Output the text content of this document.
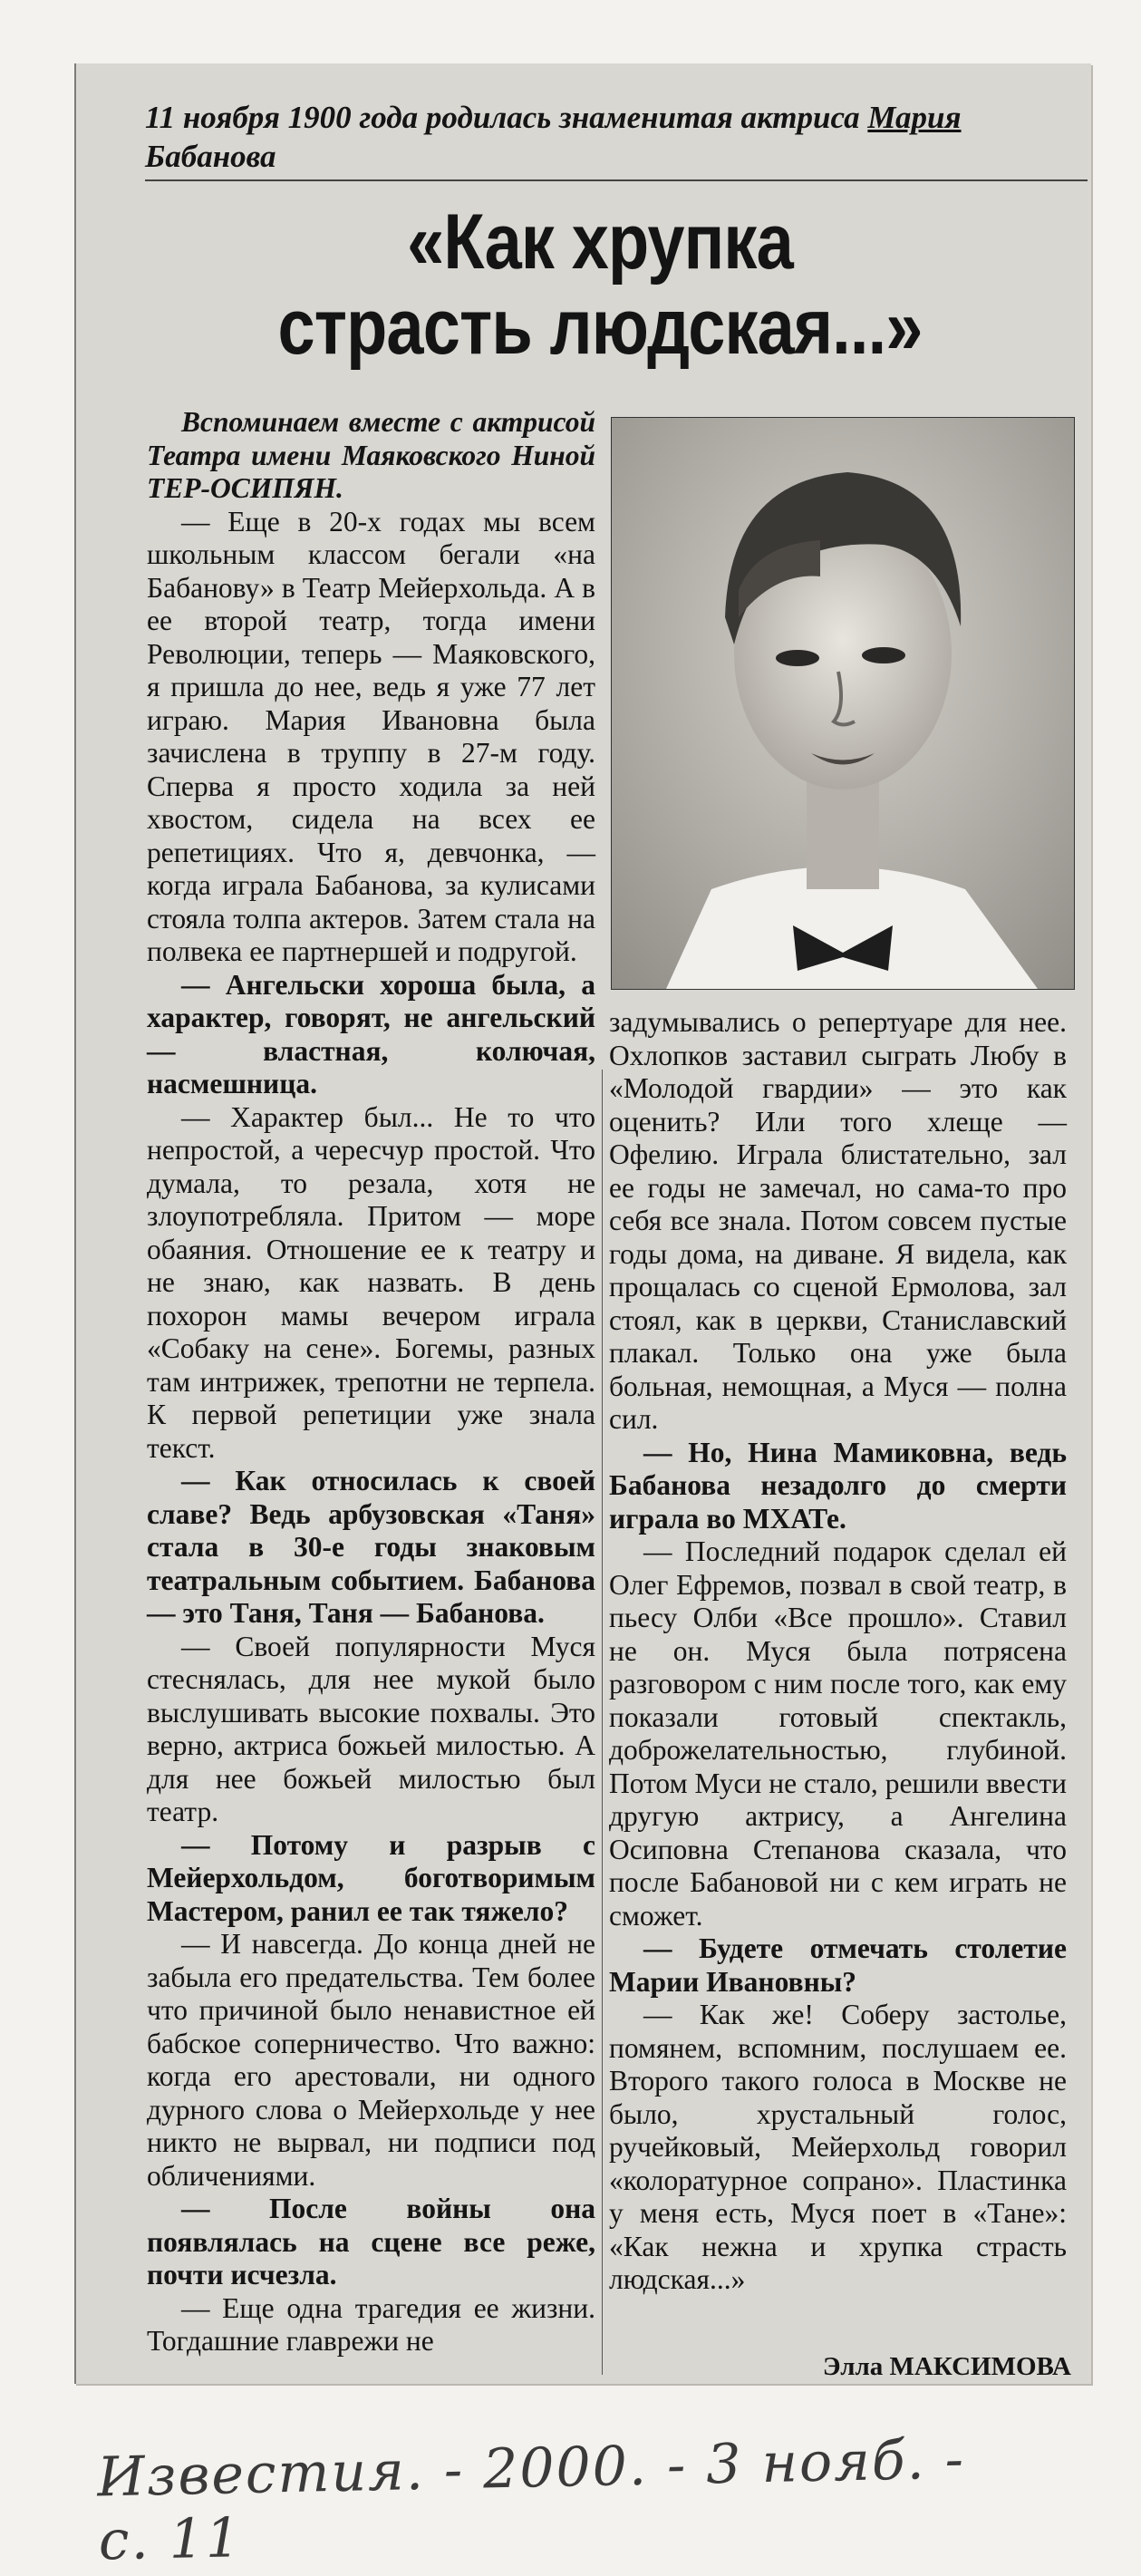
11 ноября 1900 года родилась знаменитая актриса Мария Бабанова
«Как хрупка
страсть людская...»

Вспоминаем вместе с актрисой Театра имени Маяковского Ниной ТЕР-ОСИПЯН.

— Еще в 20-х годах мы всем школьным классом бегали «на Бабанову» в Театр Мейерхольда. А в ее второй театр, тогда имени Революции, теперь — Маяковского, я пришла до нее, ведь я уже 77 лет играю. Мария Ивановна была зачислена в труппу в 27-м году. Сперва я просто ходила за ней хвостом, сидела на всех ее репетициях. Что я, девчонка, — когда играла Бабанова, за кулисами стояла толпа актеров. Затем стала на полвека ее партнершей и подругой.

— Ангельски хороша была, а характер, говорят, не ангельский — властная, колючая, насмешница.

— Характер был... Не то что непростой, а чересчур простой. Что думала, то резала, хотя не злоупотребляла. Притом — море обаяния. Отношение ее к театру и не знаю, как назвать. В день похорон мамы вечером играла «Собаку на сене». Богемы, разных там интрижек, трепотни не терпела. К первой репетиции уже знала текст.

— Как относилась к своей славе? Ведь арбузовская «Таня» стала в 30-е годы знаковым театральным событием. Бабанова — это Таня, Таня — Бабанова.

— Своей популярности Муся стеснялась, для нее мукой было выслушивать высокие похвалы. Это верно, актриса божьей милостью. А для нее божьей милостью был театр.

— Потому и разрыв с Мейерхольдом, боготворимым Мастером, ранил ее так тяжело?

— И навсегда. До конца дней не забыла его предательства. Тем более что причиной было ненавистное ей бабское соперничество. Что важно: когда его арестовали, ни одного дурного слова о Мейерхольде у нее никто не вырвал, ни подписи под обличениями.

— После войны она появлялась на сцене все реже, почти исчезла.

— Еще одна трагедия ее жизни. Тогдашние главрежи не

задумывались о репертуаре для нее. Охлопков заставил сыграть Любу в «Молодой гвардии» — это как оценить? Или того хлеще — Офелию. Играла блистательно, зал ее годы не замечал, но сама-то про себя все знала. Потом совсем пустые годы дома, на диване. Я видела, как прощалась со сценой Ермолова, зал стоял, как в церкви, Станиславский плакал. Только она уже была больная, немощная, а Муся — полна сил.

— Но, Нина Мамиковна, ведь Бабанова незадолго до смерти играла во МХАТе.

— Последний подарок сделал ей Олег Ефремов, позвал в свой театр, в пьесу Олби «Все прошло». Ставил не он. Муся была потрясена разговором с ним после того, как ему показали готовый спектакль, доброжелательностью, глубиной. Потом Муси не стало, решили ввести другую актрису, а Ангелина Осиповна Степанова сказала, что после Бабановой ни с кем играть не сможет.

— Будете отмечать столетие Марии Ивановны?

— Как же! Соберу застолье, помянем, вспомним, послушаем ее. Второго такого голоса в Москве не было, хрустальный голос, ручейковый, Мейерхольд говорил «колоратурное сопрано». Пластинка у меня есть, Муся поет в «Тане»: «Как нежна и хрупка страсть людская...»

Элла МАКСИМОВА
Известия. - 2000. - 3 нояб. - с. 11
